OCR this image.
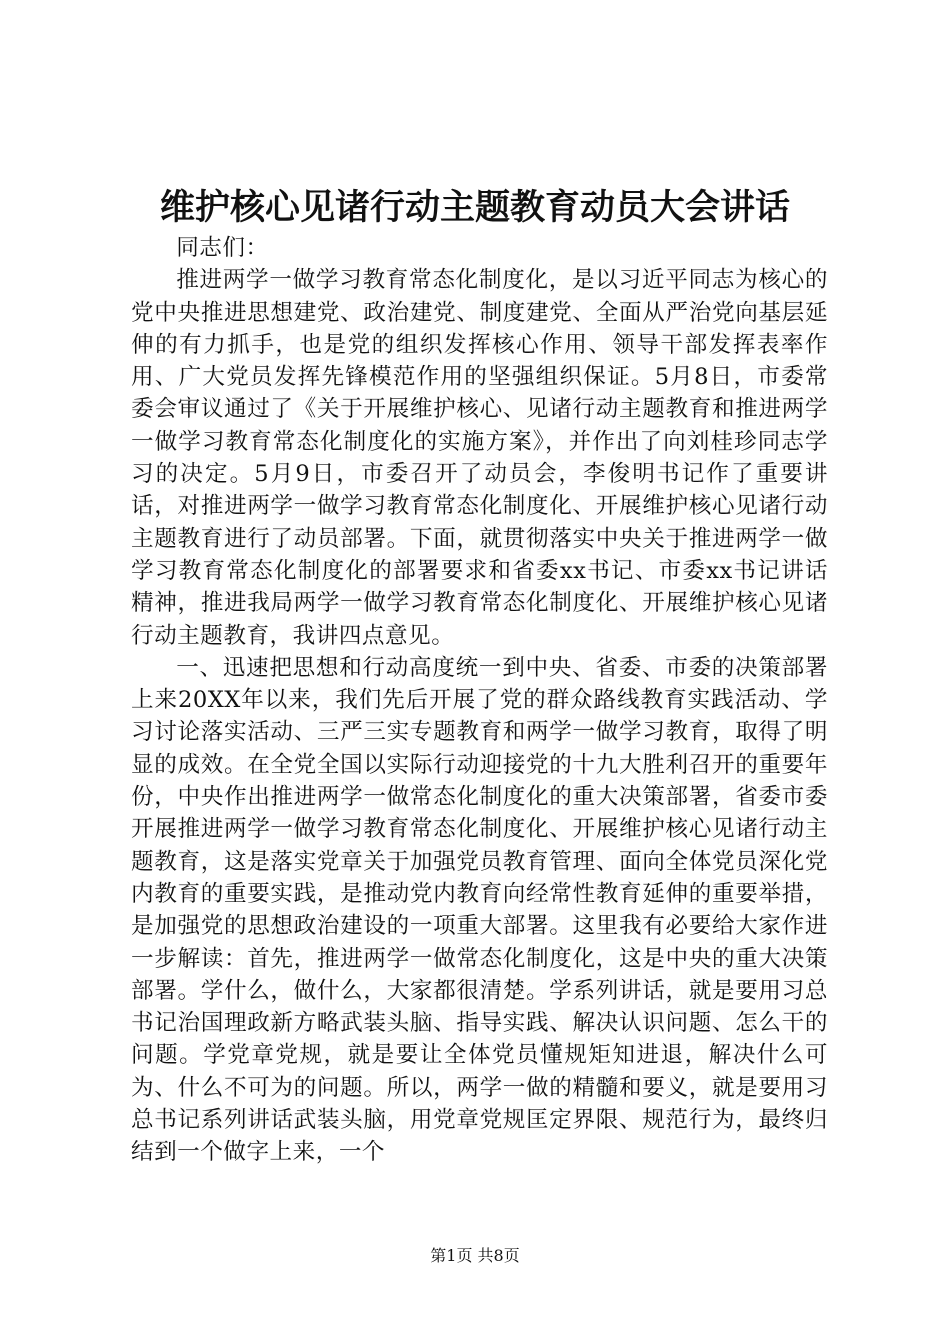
维护核心见诸行动主题教育动员大会讲话

同志们：

推进两学一做学习教育常态化制度化，是以习近平同志为核心的党中央推进思想建党、政治建党、制度建党、全面从严治党向基层延伸的有力抓手，也是党的组织发挥核心作用、领导干部发挥表率作用、广大党员发挥先锋模范作用的坚强组织保证。5月8日，市委常委会审议通过了《关于开展维护核心、见诸行动主题教育和推进两学一做学习教育常态化制度化的实施方案》，并作出了向刘桂珍同志学习的决定。5月9日，市委召开了动员会，李俊明书记作了重要讲话，对推进两学一做学习教育常态化制度化、开展维护核心见诸行动主题教育进行了动员部署。下面，就贯彻落实中央关于推进两学一做学习教育常态化制度化的部署要求和省委xx书记、市委xx书记讲话精神，推进我局两学一做学习教育常态化制度化、开展维护核心见诸行动主题教育，我讲四点意见。

一、迅速把思想和行动高度统一到中央、省委、市委的决策部署上来20XX年以来，我们先后开展了党的群众路线教育实践活动、学习讨论落实活动、三严三实专题教育和两学一做学习教育，取得了明显的成效。在全党全国以实际行动迎接党的十九大胜利召开的重要年份，中央作出推进两学一做常态化制度化的重大决策部署，省委市委开展推进两学一做学习教育常态化制度化、开展维护核心见诸行动主题教育，这是落实党章关于加强党员教育管理、面向全体党员深化党内教育的重要实践，是推动党内教育向经常性教育延伸的重要举措，是加强党的思想政治建设的一项重大部署。这里我有必要给大家作进一步解读：首先，推进两学一做常态化制度化，这是中央的重大决策部署。学什么，做什么，大家都很清楚。学系列讲话，就是要用习总书记治国理政新方略武装头脑、指导实践、解决认识问题、怎么干的问题。学党章党规，就是要让全体党员懂规矩知进退，解决什么可为、什么不可为的问题。所以，两学一做的精髓和要义，就是要用习总书记系列讲话武装头脑，用党章党规匡定界限、规范行为，最终归结到一个做字上来，一个

第1页 共8页
